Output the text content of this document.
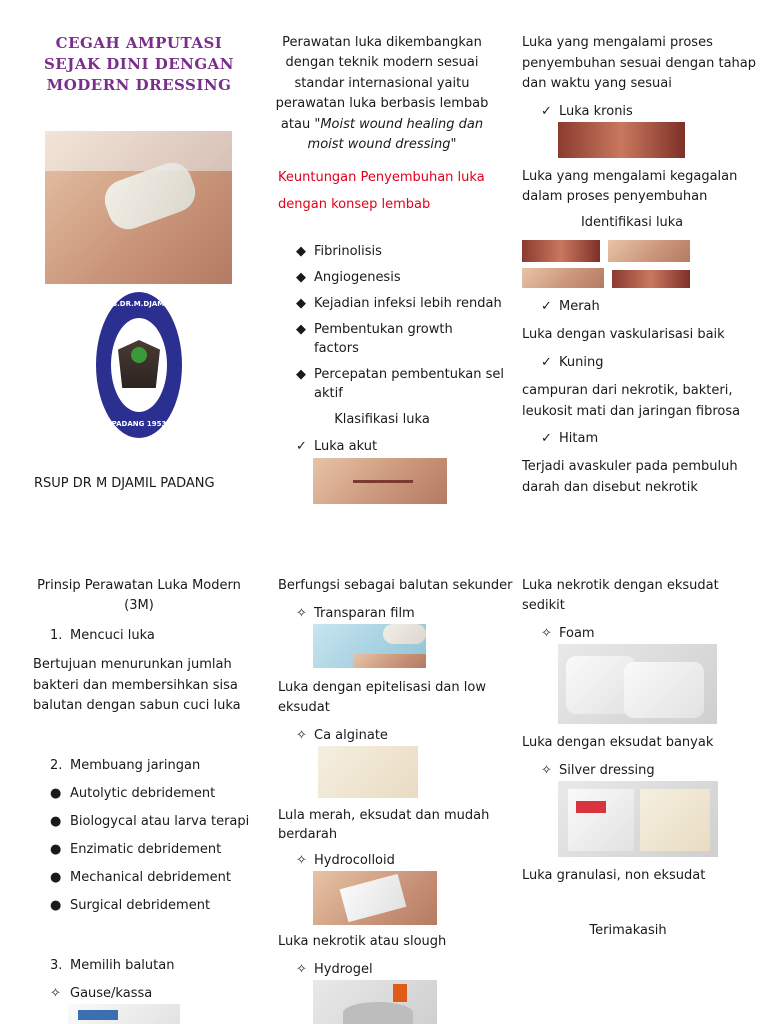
CEGAH AMPUTASI
SEJAK DINI DENGAN
MODERN DRESSING
RS.DR.M.DJAMIL
PADANG 1953
RSUP DR M DJAMIL PADANG
Prinsip Perawatan Luka Modern
(3M)
1. Mencuci luka
Bertujuan menurunkan jumlah
bakteri dan membersihkan sisa
balutan dengan sabun cuci luka
2. Membuang jaringan
● Autolytic debridement
● Biologycal atau larva terapi
● Enzimatic debridement
● Mechanical debridement
● Surgical debridement
3. Memilih balutan
✧ Gause/kassa
Perawatan luka dikembangkan
dengan teknik modern sesuai
standar internasional yaitu
perawatan luka berbasis lembab
atau "Moist wound healing dan
moist wound dressing"
Keuntungan Penyembuhan luka
dengan konsep lembab
◆ Fibrinolisis
◆ Angiogenesis
◆ Kejadian infeksi lebih rendah
◆ Pembentukan growth
factors
◆ Percepatan pembentukan sel
aktif
Klasifikasi luka
✓ Luka akut
Berfungsi sebagai balutan sekunder
✧ Transparan film
Luka dengan epitelisasi dan low
eksudat
✧ Ca alginate
Lula merah, eksudat dan mudah
berdarah
✧ Hydrocolloid
Luka nekrotik atau slough
✧ Hydrogel
Luka yang mengalami proses
penyembuhan sesuai dengan tahap
dan waktu yang sesuai
✓ Luka kronis
Luka yang mengalami kegagalan
dalam proses penyembuhan
Identifikasi luka
✓ Merah
Luka dengan vaskularisasi baik
✓ Kuning
campuran dari nekrotik, bakteri,
leukosit mati dan jaringan fibrosa
✓ Hitam
Terjadi avaskuler pada pembuluh
darah dan disebut nekrotik
Luka nekrotik dengan eksudat
sedikit
✧ Foam
Luka dengan eksudat banyak
✧ Silver dressing
Luka granulasi, non eksudat
Terimakasih
